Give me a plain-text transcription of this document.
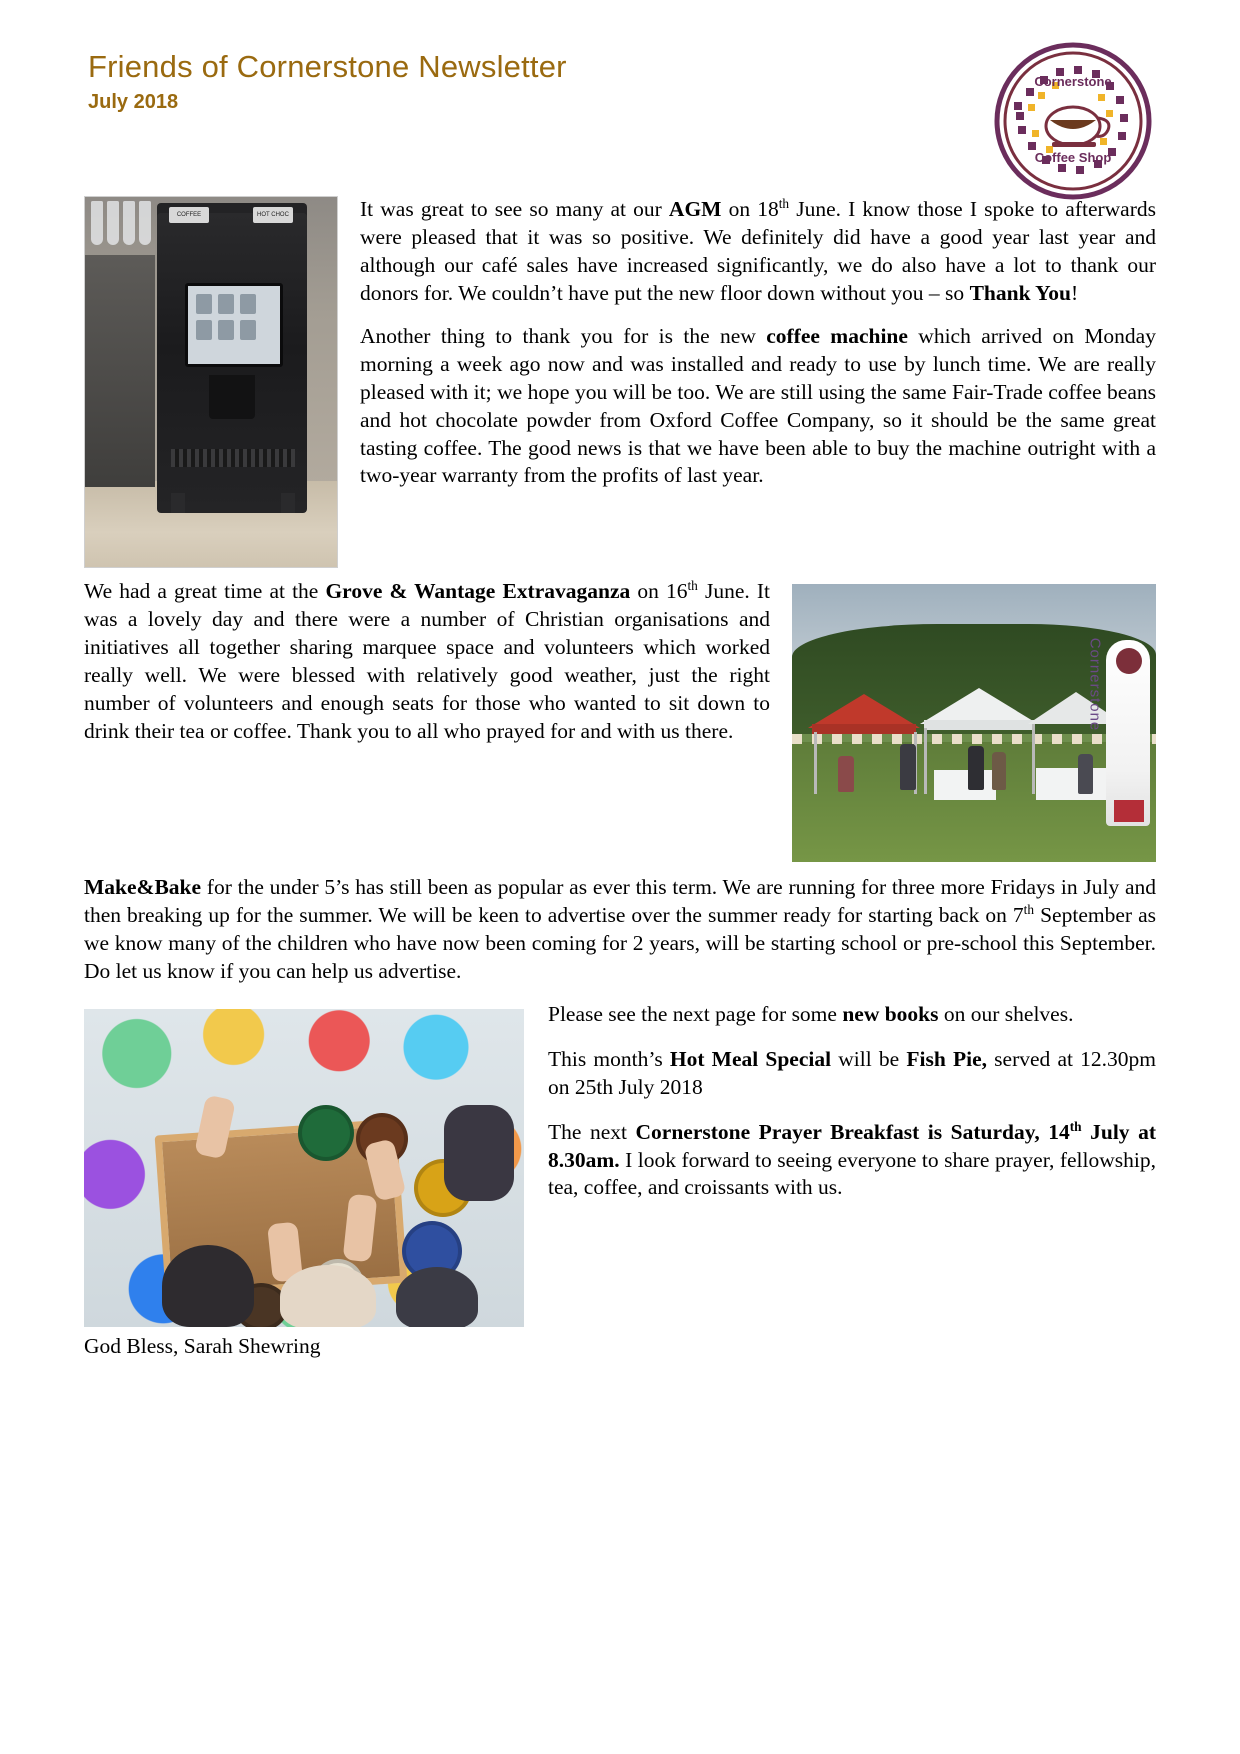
Friends of Cornerstone Newsletter
July 2018
Cornerstone
Coffee Shop
COFFEE	HOT CHOC	It was great to see so many at our AGM on 18th June. I know those I spoke to afterwards were pleased that it was so positive. We definitely did have a good year last year and although our café sales have increased significantly, we do also have a lot to thank our donors for. We couldn’t have put the new floor down without you – so Thank You!

Another thing to thank you for is the new coffee machine which arrived on Monday morning a week ago now and was installed and ready to use by lunch time. We are really pleased with it; we hope you will be too. We are still using the same Fair-Trade coffee beans and hot chocolate powder from Oxford Coffee Company, so it should be the same great tasting coffee. The good news is that we have been able to buy the machine outright with a two-year warranty from the profits of last year.

Cornerstone

We had a great time at the Grove & Wantage Extravaganza on 16th June. It was a lovely day and there were a number of Christian organisations and initiatives all together sharing marquee space and volunteers which worked really well. We were blessed with relatively good weather, just the right number of volunteers and enough seats for those who wanted to sit down to drink their tea or coffee. Thank you to all who prayed for and with us there.

Make&Bake for the under 5’s has still been as popular as ever this term. We are running for three more Fridays in July and then breaking up for the summer. We will be keen to advertise over the summer ready for starting back on 7th September as we know many of the children who have now been coming for 2 years, will be starting school or pre-school this September. Do let us know if you can help us advertise.

Please see the next page for some new books on our shelves.

This month’s Hot Meal Special will be Fish Pie, served at 12.30pm on 25th July 2018

The next Cornerstone Prayer Breakfast is Saturday, 14th July at 8.30am. I look forward to seeing everyone to share prayer, fellowship, tea, coffee, and croissants with us.

God Bless, Sarah Shewring
